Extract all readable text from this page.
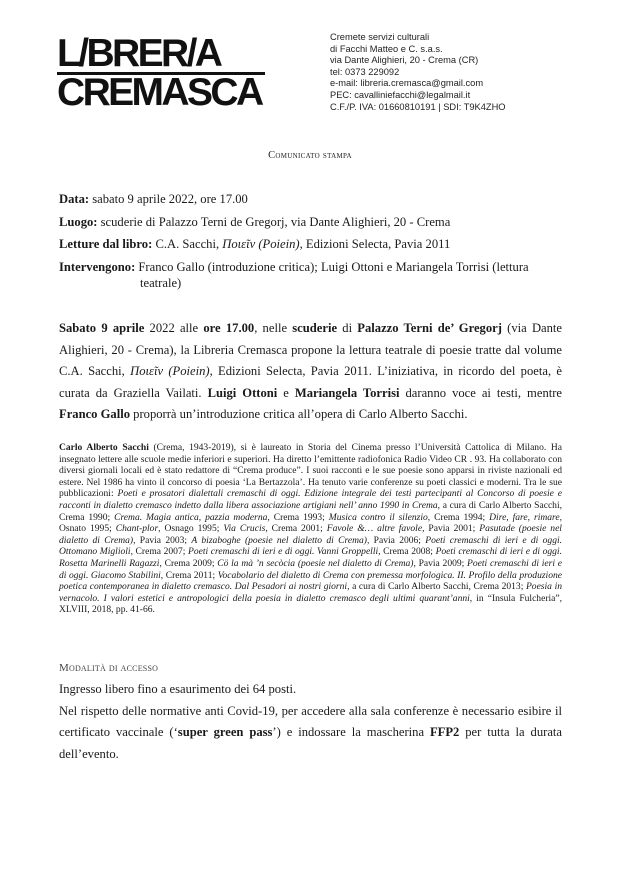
L/BRER/A
CREMASCA
Cremete servizi culturali
di Facchi Matteo e C. s.a.s.
via Dante Alighieri, 20 - Crema (CR)
tel: 0373 229092
e-mail: libreria.cremasca@gmail.com
PEC: cavalliniefacchi@legalmail.it
C.F./P. IVA: 01660810191 | SDI: T9K4ZHO
Comunicato stampa
Data: sabato 9 aprile 2022, ore 17.00
Luogo: scuderie di Palazzo Terni de Gregorj, via Dante Alighieri, 20 - Crema
Letture dal libro: C.A. Sacchi, Ποιεῖν (Poiein), Edizioni Selecta, Pavia 2011
Intervengono: Franco Gallo (introduzione critica); Luigi Ottoni e Mariangela Torrisi (lettura
teatrale)
Sabato 9 aprile 2022 alle ore 17.00, nelle scuderie di Palazzo Terni de’ Gregorj (via Dante Alighieri, 20 - Crema), la Libreria Cremasca propone la lettura teatrale di poesie tratte dal volume C.A. Sacchi, Ποιεῖν (Poiein), Edizioni Selecta, Pavia 2011. L’iniziativa, in ricordo del poeta, è curata da Graziella Vailati. Luigi Ottoni e Mariangela Torrisi daranno voce ai testi, mentre Franco Gallo proporrà un’introduzione critica all’opera di Carlo Alberto Sacchi.
Carlo Alberto Sacchi (Crema, 1943-2019), si è laureato in Storia del Cinema presso l’Università Cattolica di Milano. Ha insegnato lettere alle scuole medie inferiori e superiori. Ha diretto l’emittente radiofonica Radio Video CR . 93. Ha collaborato con diversi giornali locali ed è stato redattore di “Crema produce”. I suoi racconti e le sue poesie sono apparsi in riviste nazionali ed estere. Nel 1986 ha vinto il concorso di poesia ‘La Bertazzola’. Ha tenuto varie conferenze su poeti classici e moderni. Tra le sue pubblicazioni: Poeti e prosatori dialettali cremaschi di oggi. Edizione integrale dei testi partecipanti al Concorso di poesie e racconti in dialetto cremasco indetto dalla libera associazione artigiani nell’ anno 1990 in Crema, a cura di Carlo Alberto Sacchi, Crema 1990; Crema. Magia antica, pazzia moderna, Crema 1993; Musica contro il silenzio, Crema 1994; Dire, fare, rimare, Osnato 1995; Chant-plor, Osnago 1995; Via Crucis, Crema 2001; Favole &… altre favole, Pavia 2001; Pasutade (poesie nel dialetto di Crema), Pavia 2003; A bizaboghe (poesie nel dialetto di Crema), Pavia 2006; Poeti cremaschi di ieri e di oggi. Ottomano Miglioli, Crema 2007; Poeti cremaschi di ieri e di oggi. Vanni Groppelli, Crema 2008; Poeti cremaschi di ieri e di oggi. Rosetta Marinelli Ragazzi, Crema 2009; Cö la mà ’n secòcia (poesie nel dialetto di Crema), Pavia 2009; Poeti cremaschi di ieri e di oggi. Giacomo Stabilini, Crema 2011; Vocabolario del dialetto di Crema con premessa morfologica. II. Profilo della produzione poetica contemporanea in dialetto cremasco. Dal Pesadori ai nostri giorni, a cura di Carlo Alberto Sacchi, Crema 2013; Poesia in vernacolo. I valori estetici e antropologici della poesia in dialetto cremasco degli ultimi quarant’anni, in “Insula Fulcheria”, XLVIII, 2018, pp. 41-66.
Modalità di accesso

Ingresso libero fino a esaurimento dei 64 posti.

Nel rispetto delle normative anti Covid-19, per accedere alla sala conferenze è necessario esibire il certificato vaccinale (‘super green pass’) e indossare la mascherina FFP2 per tutta la durata dell’evento.
